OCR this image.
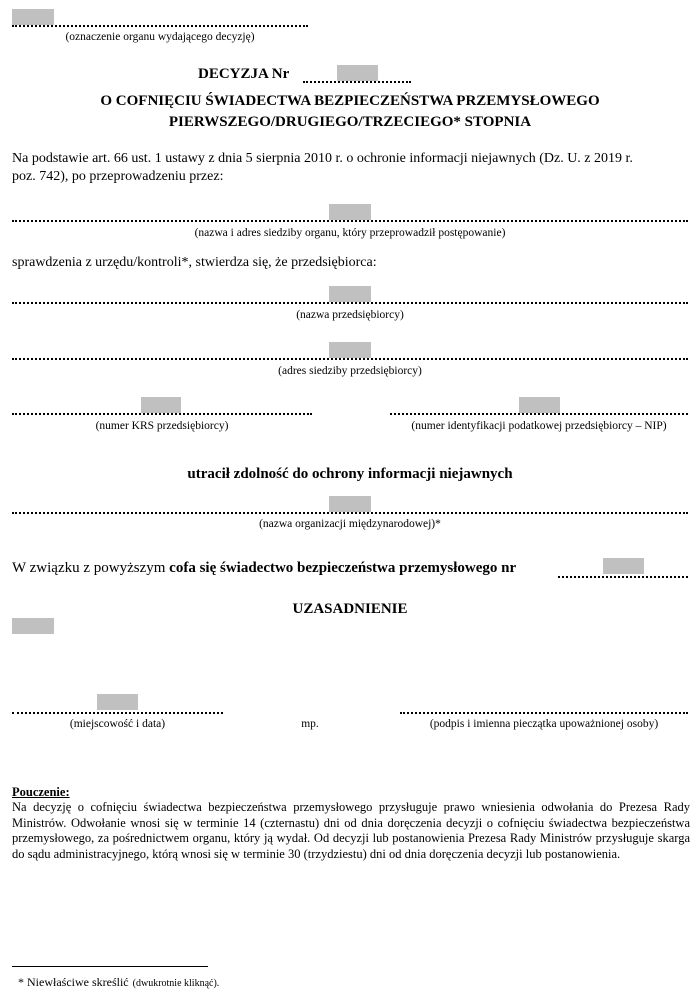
(oznaczenie organu wydającego decyzję)
DECYZJA Nr
O COFNIĘCIU ŚWIADECTWA BEZPIECZEŃSTWA PRZEMYSŁOWEGO
PIERWSZEGO/DRUGIEGO/TRZECIEGO* STOPNIA
Na podstawie art. 66 ust. 1 ustawy z dnia 5 sierpnia 2010 r. o ochronie informacji niejawnych (Dz. U. z 2019 r.
poz. 742), po przeprowadzeniu przez:
(nazwa i adres siedziby organu, który przeprowadził postępowanie)
sprawdzenia z urzędu/kontroli*, stwierdza się, że przedsiębiorca:
(nazwa przedsiębiorcy)
(adres siedziby przedsiębiorcy)
(numer KRS przedsiębiorcy)	(numer identyfikacji podatkowej przedsiębiorcy – NIP)
utracił zdolność do ochrony informacji niejawnych
(nazwa organizacji międzynarodowej)*
W związku z powyższym cofa się świadectwo bezpieczeństwa przemysłowego nr
UZASADNIENIE
(miejscowość i data)	mp.	(podpis i imienna pieczątka upoważnionej osoby)
Pouczenie:
Na decyzję o cofnięciu świadectwa bezpieczeństwa przemysłowego przysługuje prawo wniesienia odwołania do Prezesa Rady Ministrów. Odwołanie wnosi się w terminie 14 (czternastu) dni od dnia doręczenia decyzji o cofnięciu świadectwa bezpieczeństwa przemysłowego, za pośrednictwem organu, który ją wydał. Od decyzji lub postanowienia Prezesa Rady Ministrów przysługuje skarga do sądu administracyjnego, którą wnosi się w terminie 30 (trzydziestu) dni od dnia doręczenia decyzji lub postanowienia.
* Niewłaściwe skreślić (dwukrotnie kliknąć).
